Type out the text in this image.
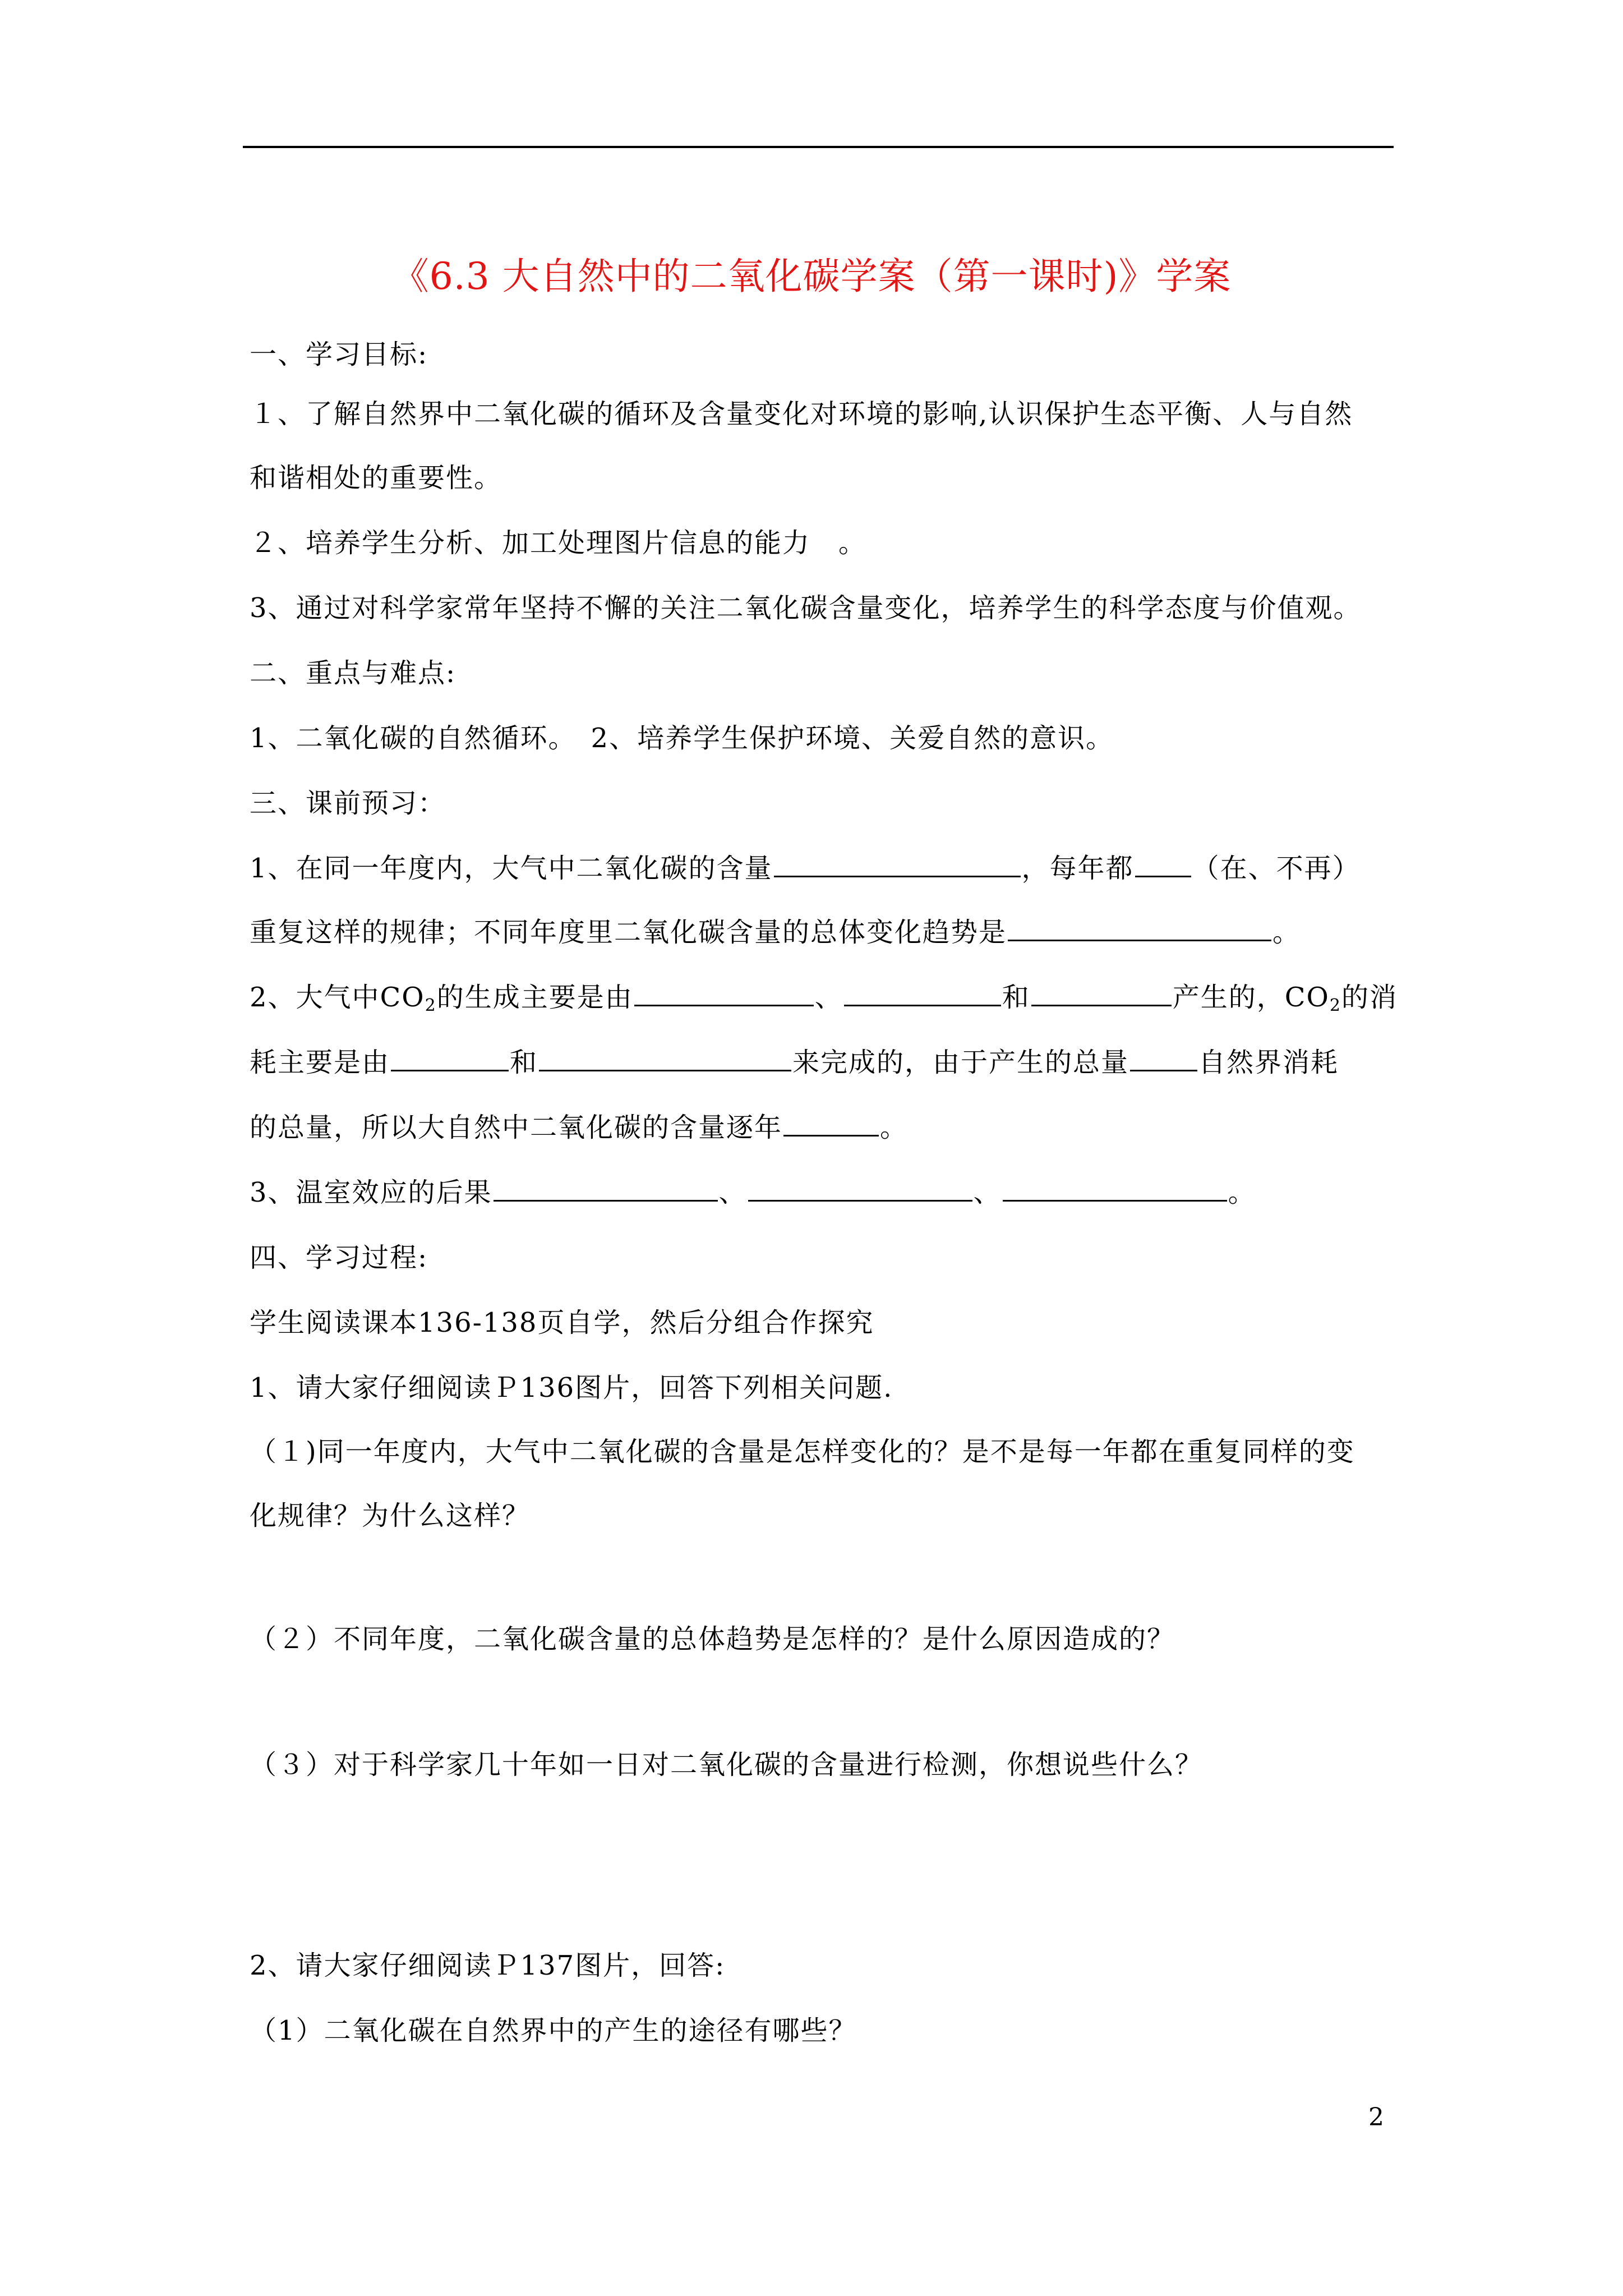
《6.3 大自然中的二氧化碳学案（第一课时)》学案
一、学习目标:
１、了解自然界中二氧化碳的循环及含量变化对环境的影响,认识保护生态平衡、人与自然
和谐相处的重要性。
２、培养学生分析、加工处理图片信息的能力　。
3、通过对科学家常年坚持不懈的关注二氧化碳含量变化，培养学生的科学态度与价值观。
二、重点与难点:
1、二氧化碳的自然循环。　2、培养学生保护环境、关爱自然的意识。
三、课前预习：
1、在同一年度内，大气中二氧化碳的含量	，每年都 （在、不再）
重复这样的规律；不同年度里二氧化碳含量的总体变化趋势是	。
2、大气中$CO_2$的生成主要是由	、	和	产生的，$CO_2$的消
耗主要是由	和	来完成的，由于产生的总量	自然界消耗
的总量，所以大自然中二氧化碳的含量逐年	。
3、温室效应的后果	、	、	。
四、学习过程:
学生阅读课本136-138页自学，然后分组合作探究
1、请大家仔细阅读Ｐ136图片，回答下列相关问题.
（１)同一年度内，大气中二氧化碳的含量是怎样变化的？是不是每一年都在重复同样的变
化规律？为什么这样？
（２）不同年度，二氧化碳含量的总体趋势是怎样的？是什么原因造成的？
（３）对于科学家几十年如一日对二氧化碳的含量进行检测，你想说些什么？
2、请大家仔细阅读Ｐ137图片，回答:
（1）二氧化碳在自然界中的产生的途径有哪些？
2
